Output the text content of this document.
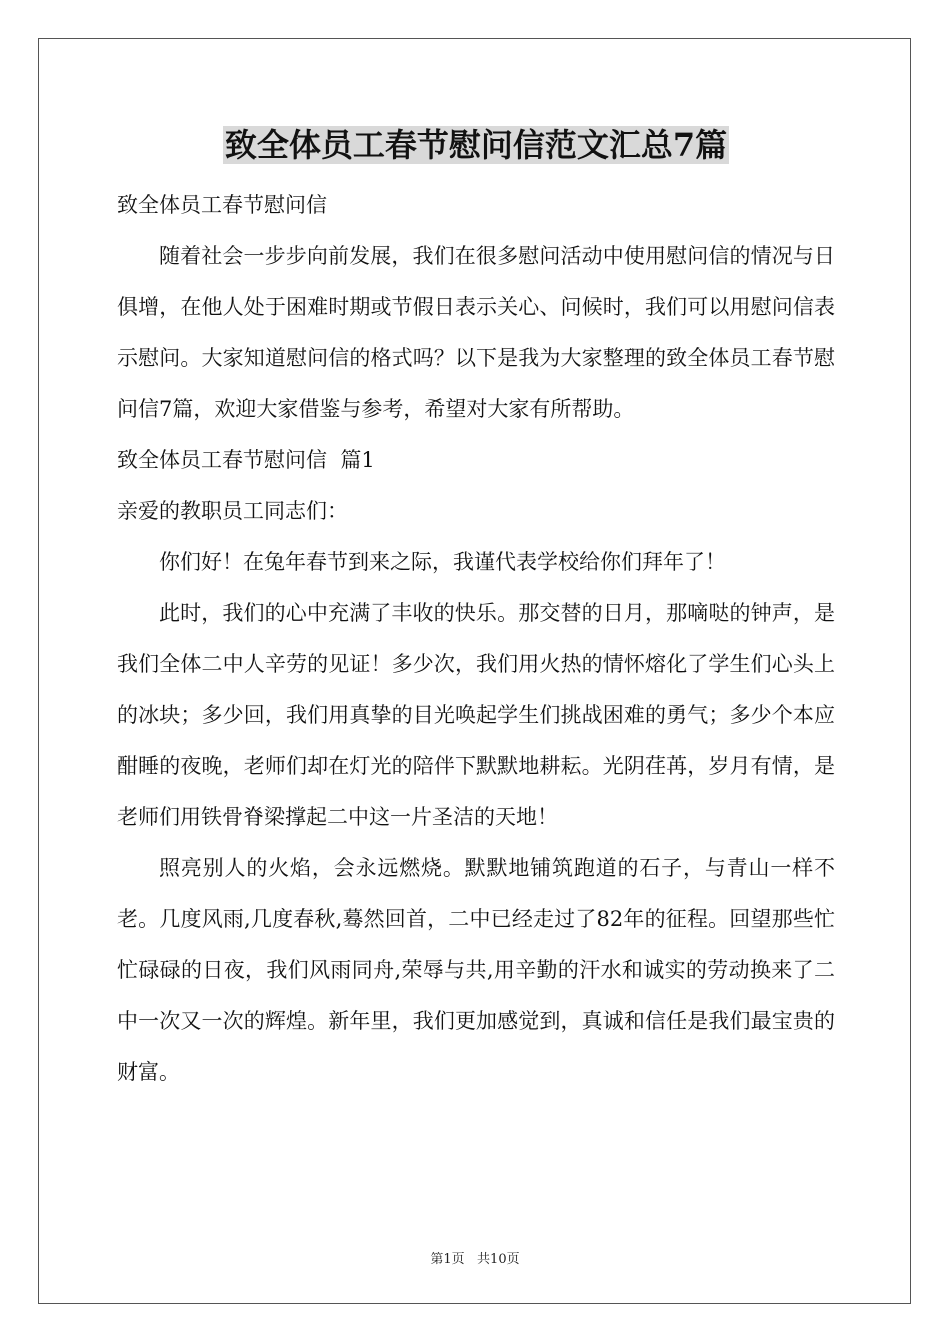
致全体员工春节慰问信范文汇总7篇

致全体员工春节慰问信

随着社会一步步向前发展，我们在很多慰问活动中使用慰问信的情况与日俱增，在他人处于困难时期或节假日表示关心、问候时，我们可以用慰问信表示慰问。大家知道慰问信的格式吗？以下是我为大家整理的致全体员工春节慰问信7篇，欢迎大家借鉴与参考，希望对大家有所帮助。

致全体员工春节慰问信  篇1

亲爱的教职员工同志们：

你们好！在兔年春节到来之际，我谨代表学校给你们拜年了！

此时，我们的心中充满了丰收的快乐。那交替的日月，那嘀哒的钟声，是我们全体二中人辛劳的见证！多少次，我们用火热的情怀熔化了学生们心头上的冰块；多少回，我们用真挚的目光唤起学生们挑战困难的勇气；多少个本应酣睡的夜晚，老师们却在灯光的陪伴下默默地耕耘。光阴荏苒，岁月有情，是老师们用铁骨脊梁撑起二中这一片圣洁的天地！

照亮别人的火焰，会永远燃烧。默默地铺筑跑道的石子，与青山一样不老。几度风雨,几度春秋,蓦然回首，二中已经走过了82年的征程。回望那些忙忙碌碌的日夜，我们风雨同舟,荣辱与共,用辛勤的汗水和诚实的劳动换来了二中一次又一次的辉煌。新年里，我们更加感觉到，真诚和信任是我们最宝贵的财富。

第1页   共10页
